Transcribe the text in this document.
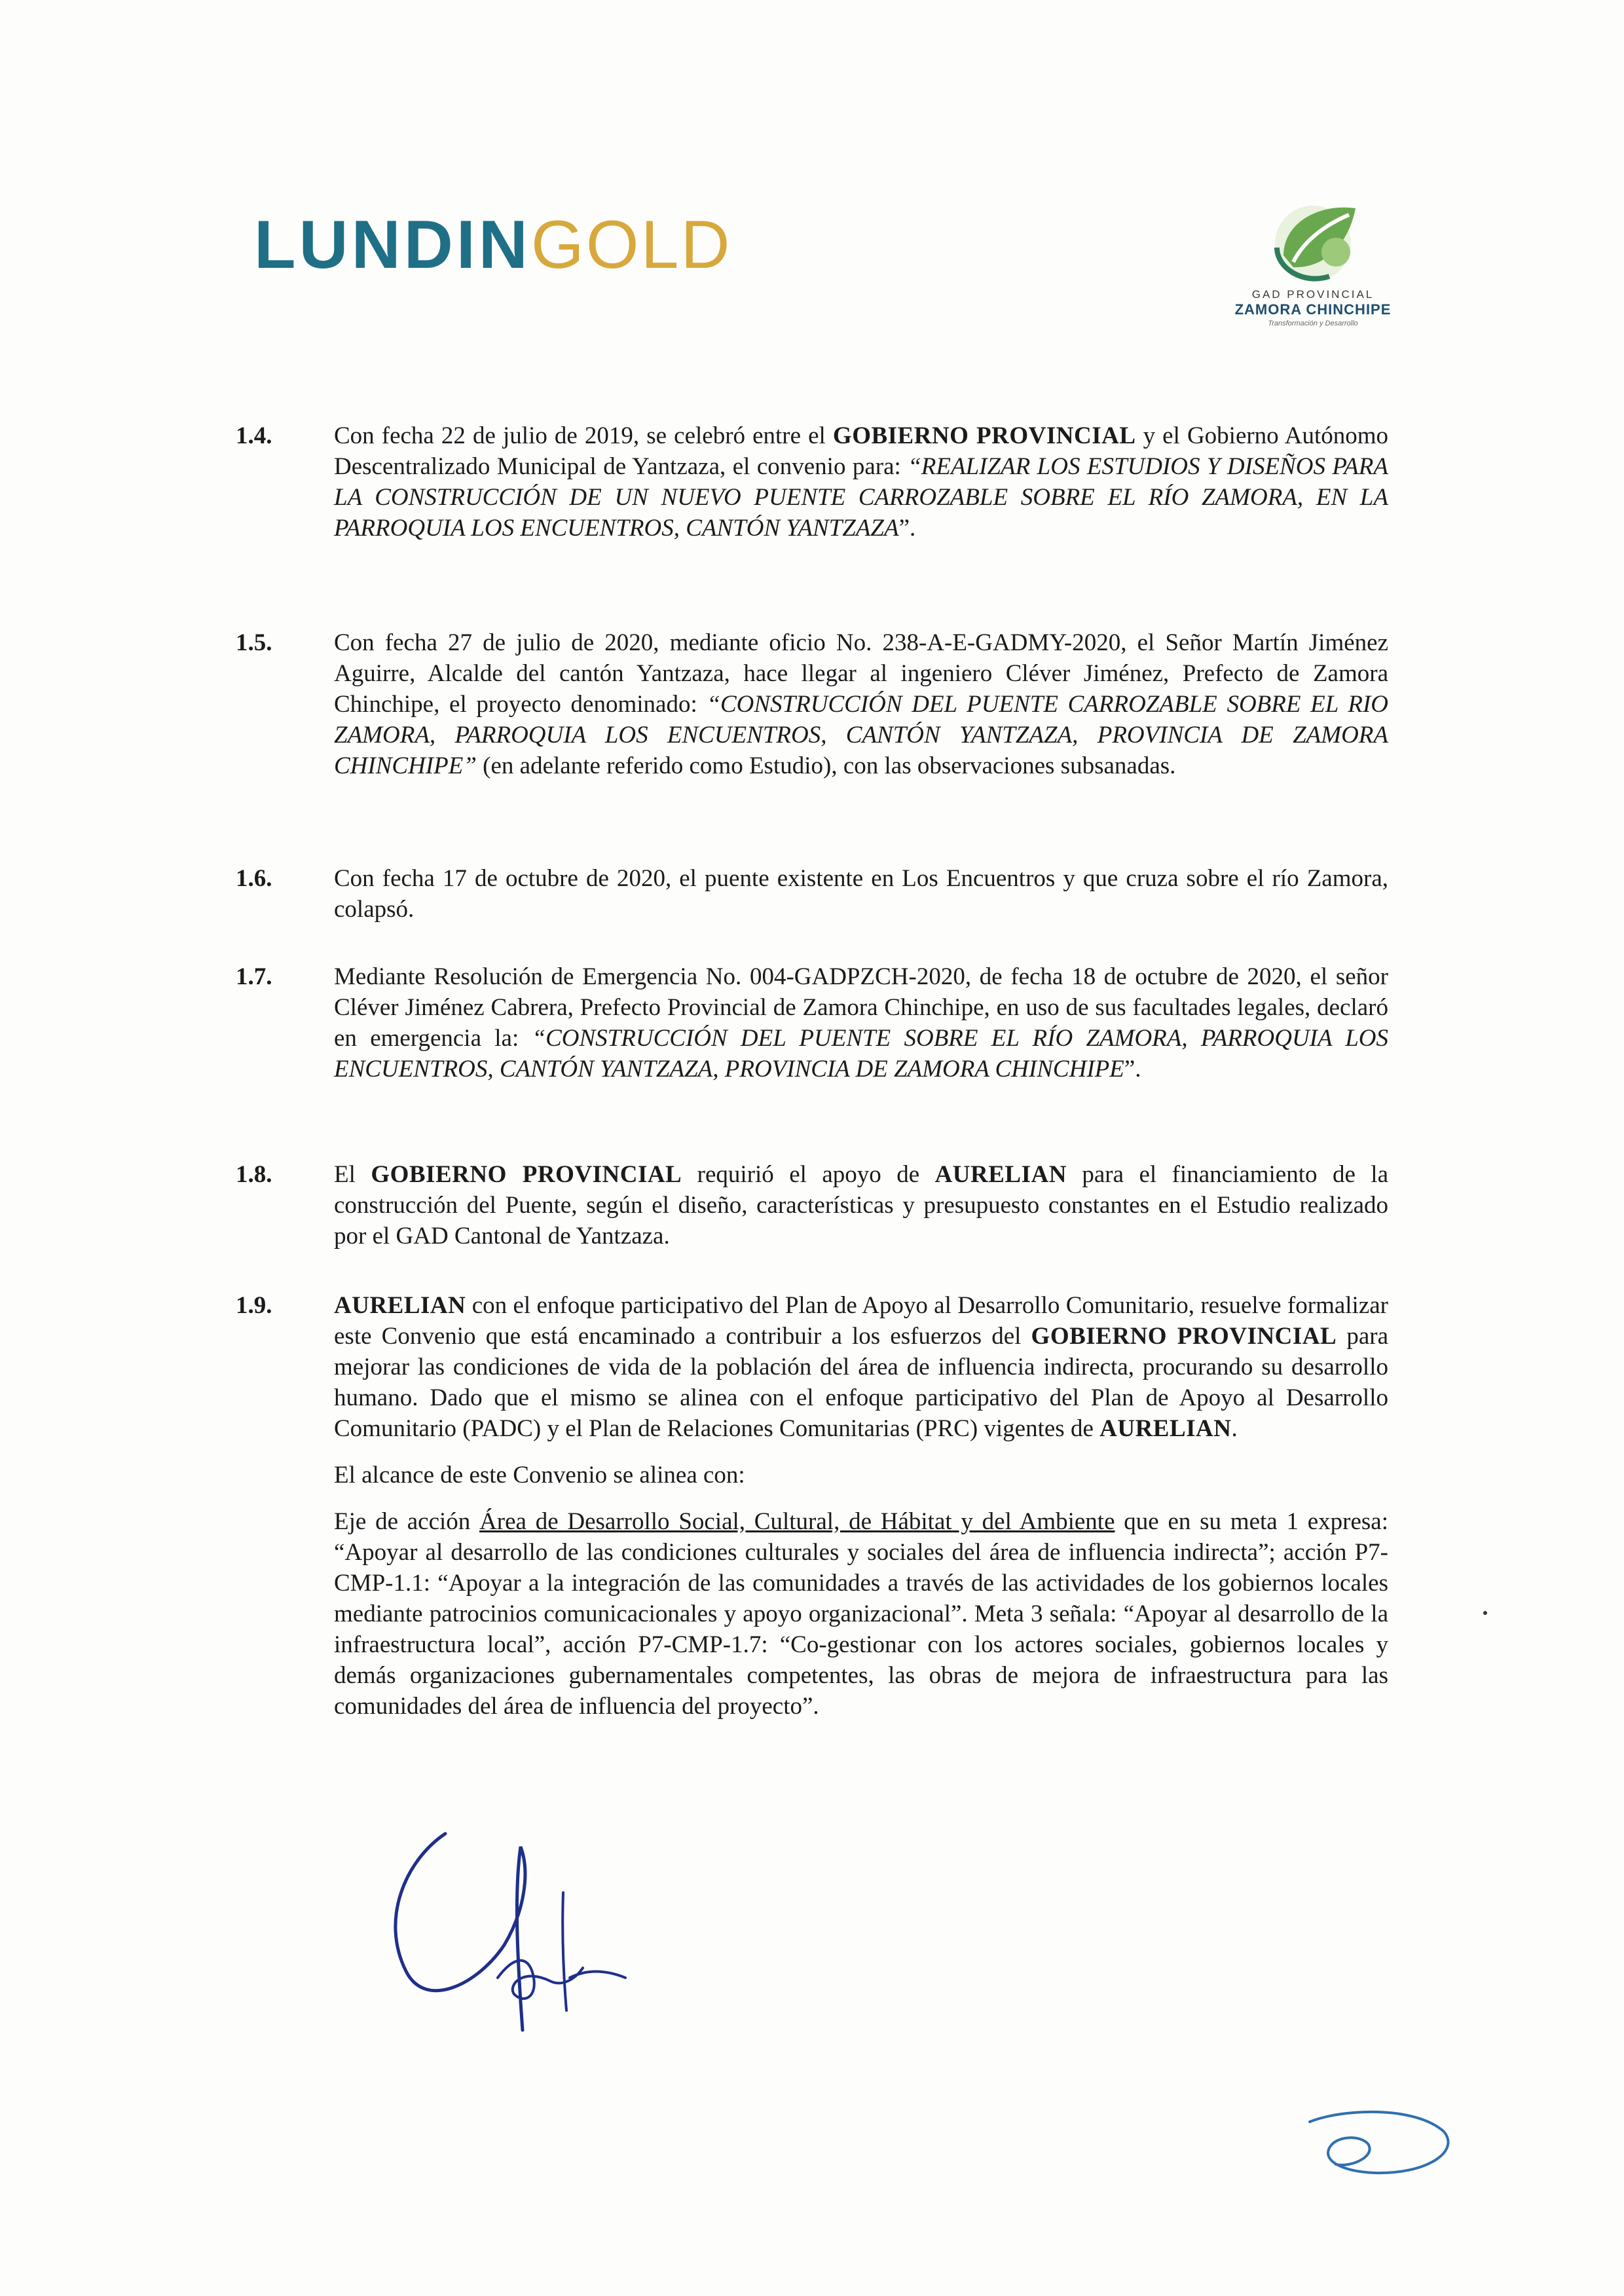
LUNDINGOLD
GAD PROVINCIAL
ZAMORA CHINCHIPE
Transformación y Desarrollo
1.4.	Con fecha 22 de julio de 2019, se celebró entre el GOBIERNO PROVINCIAL y el Gobierno Autónomo Descentralizado Municipal de Yantzaza, el convenio para: “REALIZAR LOS ESTUDIOS Y DISEÑOS PARA LA CONSTRUCCIÓN DE UN NUEVO PUENTE CARROZABLE SOBRE EL RÍO ZAMORA, EN LA PARROQUIA LOS ENCUENTROS, CANTÓN YANTZAZA”.

1.5.	Con fecha 27 de julio de 2020, mediante oficio No. 238-A-E-GADMY-2020, el Señor Martín Jiménez Aguirre, Alcalde del cantón Yantzaza, hace llegar al ingeniero Cléver Jiménez, Prefecto de Zamora Chinchipe, el proyecto denominado: “CONSTRUCCIÓN DEL PUENTE CARROZABLE SOBRE EL RIO ZAMORA, PARROQUIA LOS ENCUENTROS, CANTÓN YANTZAZA, PROVINCIA DE ZAMORA CHINCHIPE” (en adelante referido como Estudio), con las observaciones subsanadas.

1.6.	Con fecha 17 de octubre de 2020, el puente existente en Los Encuentros y que cruza sobre el río Zamora, colapsó.

1.7.	Mediante Resolución de Emergencia No. 004-GADPZCH-2020, de fecha 18 de octubre de 2020, el señor Cléver Jiménez Cabrera, Prefecto Provincial de Zamora Chinchipe, en uso de sus facultades legales, declaró en emergencia la: “CONSTRUCCIÓN DEL PUENTE SOBRE EL RÍO ZAMORA, PARROQUIA LOS ENCUENTROS, CANTÓN YANTZAZA, PROVINCIA DE ZAMORA CHINCHIPE”.

1.8.	El GOBIERNO PROVINCIAL requirió el apoyo de AURELIAN para el financiamiento de la construcción del Puente, según el diseño, características y presupuesto constantes en el Estudio realizado por el GAD Cantonal de Yantzaza.

1.9.	AURELIAN con el enfoque participativo del Plan de Apoyo al Desarrollo Comunitario, resuelve formalizar este Convenio que está encaminado a contribuir a los esfuerzos del GOBIERNO PROVINCIAL para mejorar las condiciones de vida de la población del área de influencia indirecta, procurando su desarrollo humano. Dado que el mismo se alinea con el enfoque participativo del Plan de Apoyo al Desarrollo Comunitario (PADC) y el Plan de Relaciones Comunitarias (PRC) vigentes de AURELIAN.

El alcance de este Convenio se alinea con:

Eje de acción Área de Desarrollo Social, Cultural, de Hábitat y del Ambiente que en su meta 1 expresa: “Apoyar al desarrollo de las condiciones culturales y sociales del área de influencia indirecta”; acción P7-CMP-1.1: “Apoyar a la integración de las comunidades a través de las actividades de los gobiernos locales mediante patrocinios comunicacionales y apoyo organizacional”. Meta 3 señala: “Apoyar al desarrollo de la infraestructura local”, acción P7-CMP-1.7: “Co-gestionar con los actores sociales, gobiernos locales y demás organizaciones gubernamentales competentes, las obras de mejora de infraestructura para las comunidades del área de influencia del proyecto”.
